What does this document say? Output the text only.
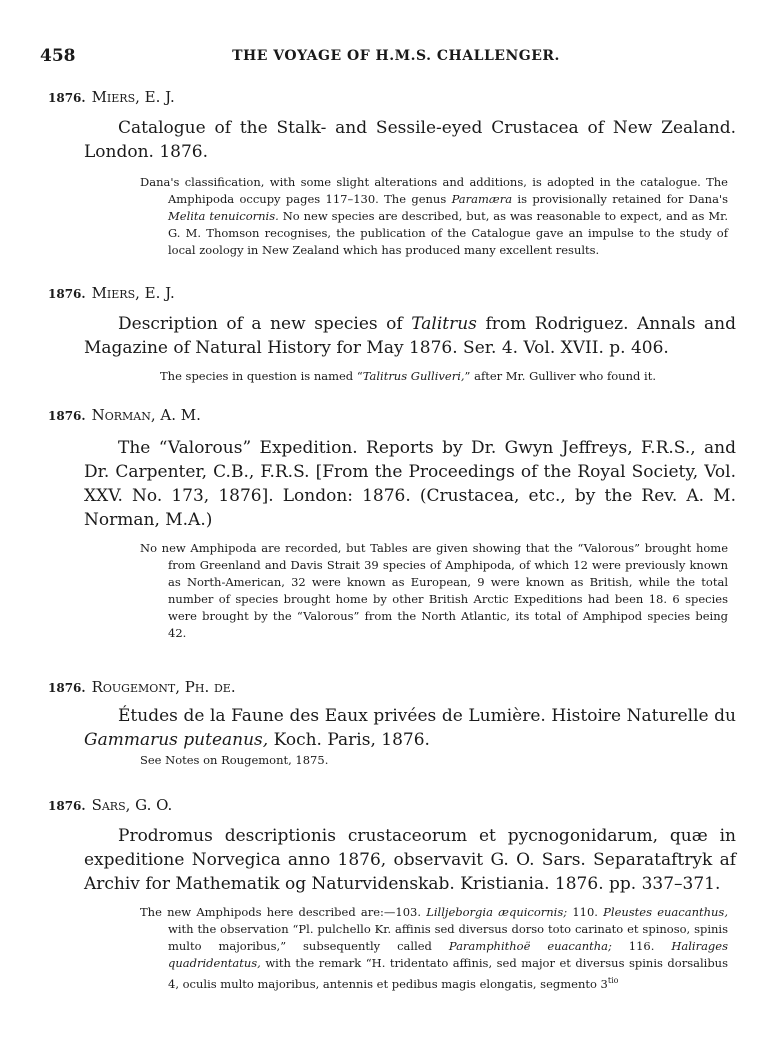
458	THE VOYAGE OF H.M.S. CHALLENGER.
1876. Miers, E. J.
Catalogue of the Stalk- and Sessile-eyed Crustacea of New Zealand. London. 1876.
Dana's classification, with some slight alterations and additions, is adopted in the catalogue. The Amphipoda occupy pages 117–130. The genus Paramæra is provisionally retained for Dana's Melita tenuicornis. No new species are described, but, as was reasonable to expect, and as Mr. G. M. Thomson recognises, the publication of the Catalogue gave an impulse to the study of local zoology in New Zealand which has produced many excellent results.
1876. Miers, E. J.
Description of a new species of Talitrus from Rodriguez. Annals and Magazine of Natural History for May 1876. Ser. 4. Vol. XVII. p. 406.
The species in question is named “Talitrus Gulliveri,” after Mr. Gulliver who found it.
1876. Norman, A. M.
The “Valorous” Expedition. Reports by Dr. Gwyn Jeffreys, F.R.S., and Dr. Carpenter, C.B., F.R.S. [From the Proceedings of the Royal Society, Vol. XXV. No. 173, 1876]. London: 1876. (Crustacea, etc., by the Rev. A. M. Norman, M.A.)
No new Amphipoda are recorded, but Tables are given showing that the “Valorous” brought home from Greenland and Davis Strait 39 species of Amphipoda, of which 12 were previously known as North-American, 32 were known as European, 9 were known as British, while the total number of species brought home by other British Arctic Expeditions had been 18. 6 species were brought by the “Valorous” from the North Atlantic, its total of Amphipod species being 42.
1876. Rougemont, Ph. de.
Études de la Faune des Eaux privées de Lumière. Histoire Naturelle du Gammarus puteanus, Koch. Paris, 1876.
See Notes on Rougemont, 1875.
1876. Sars, G. O.
Prodromus descriptionis crustaceorum et pycnogonidarum, quæ in expeditione Norvegica anno 1876, observavit G. O. Sars. Separataftryk af Archiv for Mathematik og Naturvidenskab. Kristiania. 1876. pp. 337–371.
The new Amphipods here described are:—103. Lilljeborgia æquicornis; 110. Pleustes euacanthus, with the observation “Pl. pulchello Kr. affinis sed diversus dorso toto carinato et spinoso, spinis multo majoribus,” subsequently called Paramphithoë euacantha; 116. Halirages quadridentatus, with the remark “H. tridentato affinis, sed major et diversus spinis dorsalibus 4, oculis multo majoribus, antennis et pedibus magis elongatis, segmento $3^{tio}$
